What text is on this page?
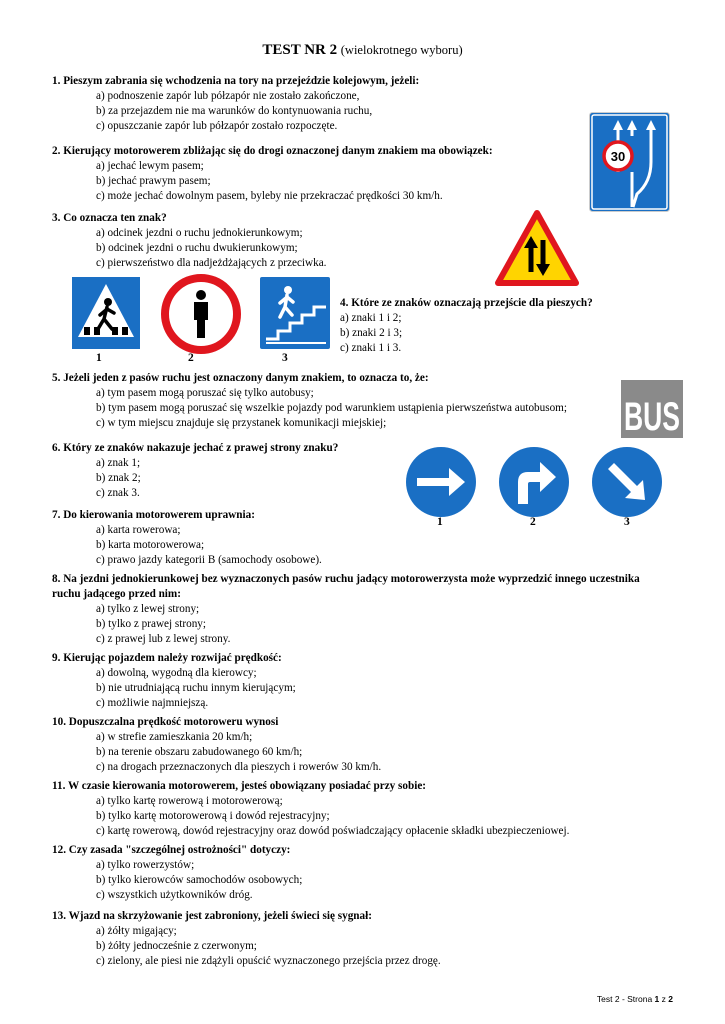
TEST NR 2 (wielokrotnego wyboru)
1. Pieszym zabrania się wchodzenia na tory na przejeździe kolejowym, jeżeli:
a) podnoszenie zapór lub półzapór nie zostało zakończone,
b) za przejazdem nie ma warunków do kontynuowania ruchu,
c) opuszczanie zapór lub półzapór zostało rozpoczęte.
2. Kierujący motorowerem zbliżając się do drogi oznaczonej danym znakiem ma obowiązek:
a) jechać lewym pasem;
b) jechać prawym pasem;
c) może jechać dowolnym pasem, byleby nie przekraczać prędkości 30 km/h.
3. Co oznacza ten znak?
a) odcinek jezdni o ruchu jednokierunkowym;
b) odcinek jezdni o ruchu dwukierunkowym;
c) pierwszeństwo dla nadjeżdżających z przeciwka.
4. Które ze znaków oznaczają przejście dla pieszych?
a) znaki 1 i 2;
b) znaki 2 i 3;
c) znaki 1 i 3.
5. Jeżeli jeden z pasów ruchu jest oznaczony danym znakiem, to oznacza to, że:
a) tym pasem mogą poruszać się tylko autobusy;
b) tym pasem mogą poruszać się wszelkie pojazdy pod warunkiem ustąpienia pierwszeństwa autobusom;
c) w tym miejscu znajduje się przystanek komunikacji miejskiej;
6. Który ze znaków nakazuje jechać z prawej strony znaku?
a) znak 1;
b) znak 2;
c) znak 3.
7. Do kierowania motorowerem uprawnia:
a) karta rowerowa;
b) karta motorowerowa;
c) prawo jazdy kategorii B (samochody osobowe).
8. Na jezdni jednokierunkowej bez wyznaczonych pasów ruchu jadący motorowerzysta może wyprzedzić innego uczestnika ruchu jadącego przed nim:
a) tylko z lewej strony;
b) tylko z prawej strony;
c) z prawej lub z lewej strony.
9. Kierując pojazdem należy rozwijać prędkość:
a) dowolną, wygodną dla kierowcy;
b) nie utrudniającą ruchu innym kierującym;
c) możliwie najmniejszą.
10. Dopuszczalna prędkość motoroweru wynosi
a) w strefie zamieszkania 20 km/h;
b) na terenie obszaru zabudowanego 60 km/h;
c) na drogach przeznaczonych dla pieszych i rowerów 30 km/h.
11. W czasie kierowania motorowerem, jesteś obowiązany posiadać przy sobie:
a) tylko kartę rowerową i motorowerową;
b) tylko kartę motorowerową i dowód rejestracyjny;
c) kartę rowerową, dowód rejestracyjny oraz dowód poświadczający opłacenie składki ubezpieczeniowej.
12. Czy zasada "szczególnej ostrożności" dotyczy:
a) tylko rowerzystów;
b) tylko kierowców samochodów osobowych;
c) wszystkich użytkowników dróg.
13. Wjazd na skrzyżowanie jest zabroniony, jeżeli świeci się sygnał:
a) żółty migający;
b) żółty jednocześnie z czerwonym;
c) zielony, ale piesi nie zdążyli opuścić wyznaczonego przejścia przez drogę.
30
1	2	3
BUS
1	2	3
Test 2 - Strona 1 z 2
